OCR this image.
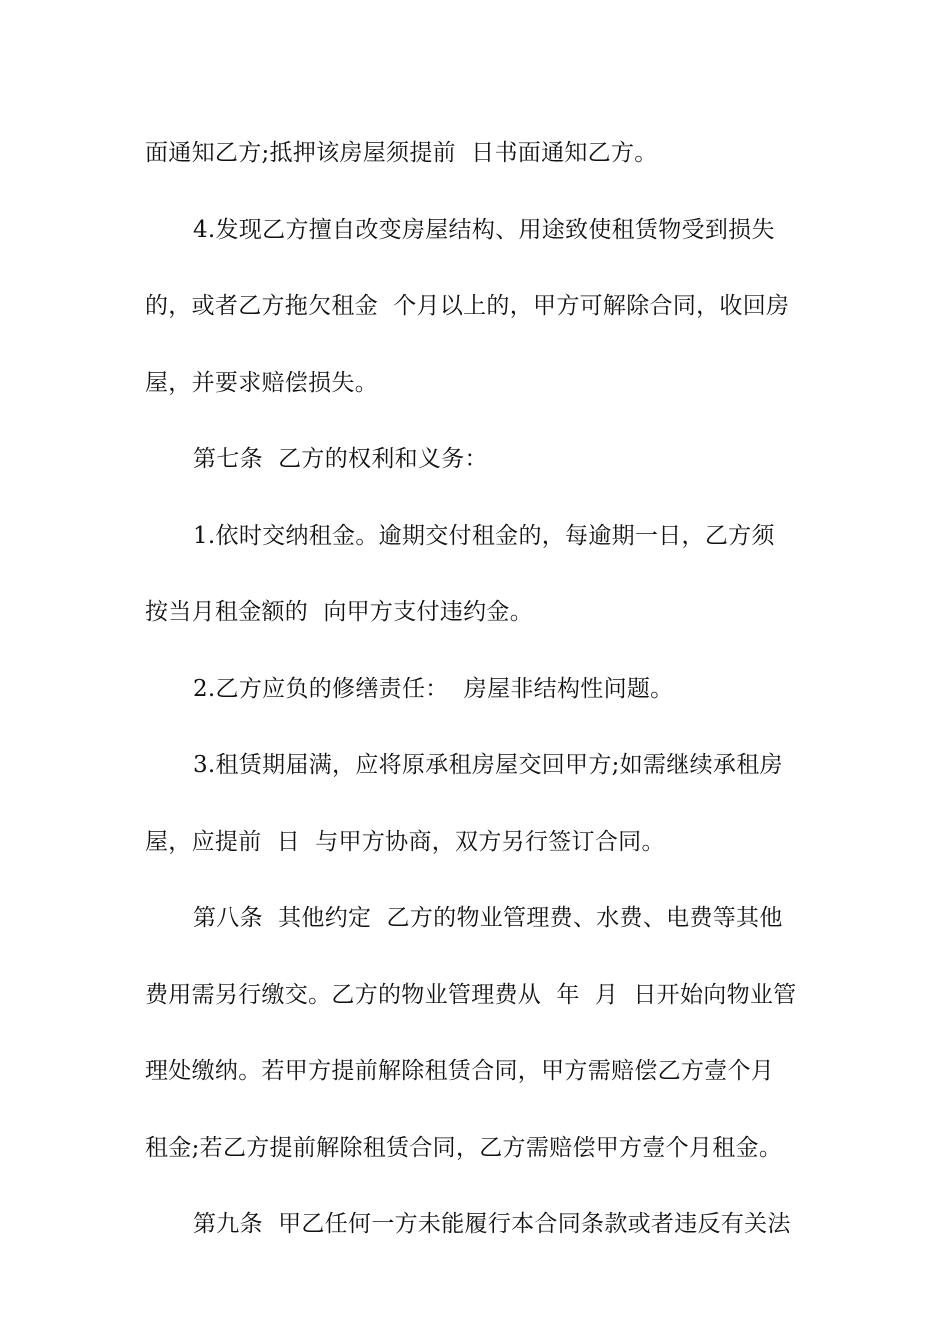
面通知乙方;抵押该房屋须提前  日书面通知乙方。
4.发现乙方擅自改变房屋结构、用途致使租赁物受到损失
的，或者乙方拖欠租金  个月以上的，甲方可解除合同，收回房
屋，并要求赔偿损失。
第七条  乙方的权利和义务：
1.依时交纳租金。逾期交付租金的，每逾期一日，乙方须
按当月租金额的  向甲方支付违约金。
2.乙方应负的修缮责任：  房屋非结构性问题。
3.租赁期届满，应将原承租房屋交回甲方;如需继续承租房
屋，应提前  日  与甲方协商，双方另行签订合同。
第八条  其他约定  乙方的物业管理费、水费、电费等其他
费用需另行缴交。乙方的物业管理费从  年  月  日开始向物业管
理处缴纳。若甲方提前解除租赁合同，甲方需赔偿乙方壹个月
租金;若乙方提前解除租赁合同，乙方需赔偿甲方壹个月租金。
第九条  甲乙任何一方未能履行本合同条款或者违反有关法
